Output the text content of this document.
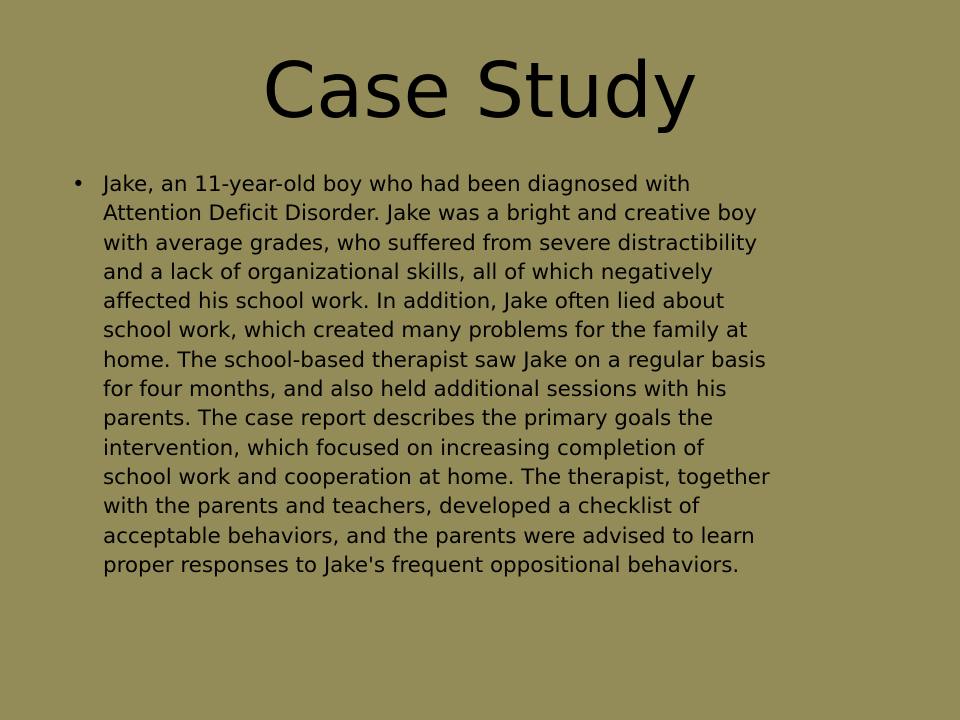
Case Study
• Jake, an 11-year-old boy who had been diagnosed with
Attention Deficit Disorder. Jake was a bright and creative boy
with average grades, who suffered from severe distractibility
and a lack of organizational skills, all of which negatively
affected his school work. In addition, Jake often lied about
school work, which created many problems for the family at
home. The school-based therapist saw Jake on a regular basis
for four months, and also held additional sessions with his
parents. The case report describes the primary goals the
intervention, which focused on increasing completion of
school work and cooperation at home. The therapist, together
with the parents and teachers, developed a checklist of
acceptable behaviors, and the parents were advised to learn
proper responses to Jake's frequent oppositional behaviors.
